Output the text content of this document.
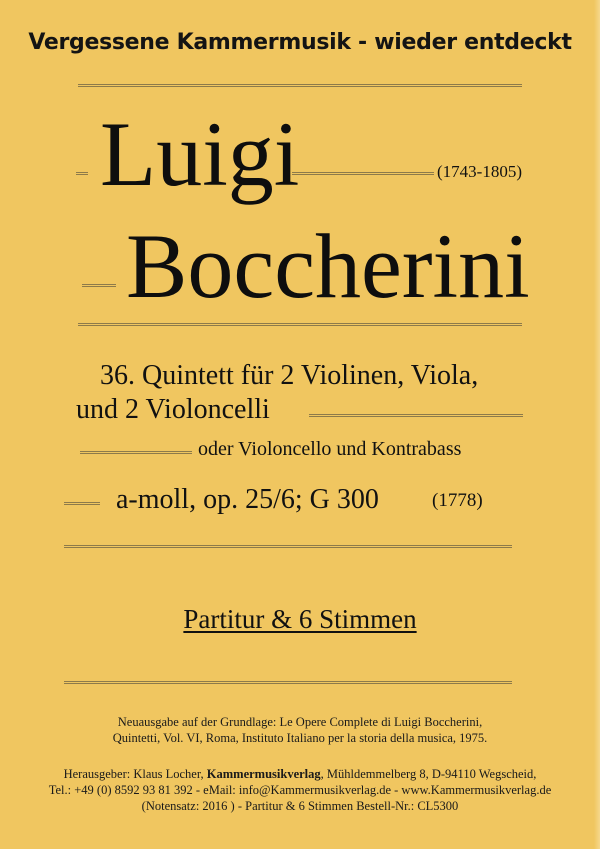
Vergessene Kammermusik - wieder entdeckt
Luigi	(1743-1805)
Boccherini
36. Quintett für 2 Violinen, Viola,
und 2 Violoncelli
oder Violoncello und Kontrabass
a-moll, op. 25/6; G 300	(1778)
Partitur & 6 Stimmen
Neuausgabe auf der Grundlage: Le Opere Complete di Luigi Boccherini,
Quintetti, Vol. VI, Roma, Instituto Italiano per la storia della musica, 1975.
Herausgeber: Klaus Locher, Kammermusikverlag, Mühldemmelberg 8, D-94110 Wegscheid,
Tel.: +49 (0) 8592 93 81 392 - eMail: info@Kammermusikverlag.de - www.Kammermusikverlag.de
(Notensatz: 2016 ) - Partitur & 6 Stimmen Bestell-Nr.: CL5300
